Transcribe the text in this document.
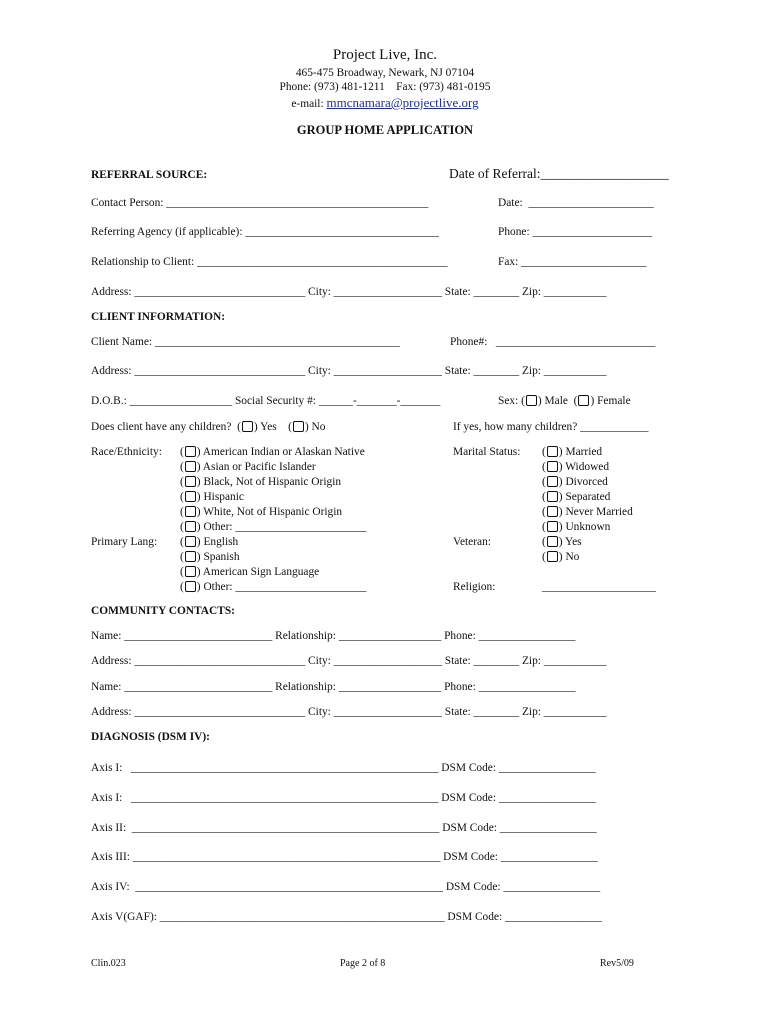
Project Live, Inc.
465-475 Broadway, Newark, NJ 07104
Phone: (973) 481-1211    Fax: (973) 481-0195
e-mail: mmcnamara@projectlive.org
GROUP HOME APPLICATION
REFERRAL SOURCE:	Date of Referral:___________________
Contact Person: ______________________________________________	Date:  ______________________
Referring Agency (if applicable): __________________________________	Phone: _____________________
Relationship to Client: ____________________________________________	Fax: ______________________
Address: ______________________________ City: ___________________ State: ________ Zip: ___________
CLIENT INFORMATION:
Client Name: ___________________________________________	Phone#:   ____________________________
Address: ______________________________ City: ___________________ State: ________ Zip: ___________
D.O.B.: __________________ Social Security #: ______-_______-_______	Sex: ( ) Male  ( ) Female
Does client have any children?  ( ) Yes    ( ) No	If yes, how many children? ____________
Race/Ethnicity: ( ) American Indian or Alaskan Native
( ) Asian or Pacific Islander
( ) Black, Not of Hispanic Origin
( ) Hispanic
( ) White, Not of Hispanic Origin
( ) Other: _______________________
Marital Status: ( ) Married
( ) Widowed
( ) Divorced
( ) Separated
( ) Never Married
( ) Unknown
Primary Lang: ( ) English
( ) Spanish
( ) American Sign Language
( ) Other: _______________________
Veteran:	( ) Yes
( ) No
Religion:	____________________
COMMUNITY CONTACTS:
Name: __________________________ Relationship: __________________ Phone: _________________
Address: ______________________________ City: ___________________ State: ________ Zip: ___________
Name: __________________________ Relationship: __________________ Phone: _________________
Address: ______________________________ City: ___________________ State: ________ Zip: ___________
DIAGNOSIS (DSM IV):
Axis I:   ______________________________________________________ DSM Code: _________________
Axis I:   ______________________________________________________ DSM Code: _________________
Axis II:  ______________________________________________________ DSM Code: _________________
Axis III: ______________________________________________________ DSM Code: _________________
Axis IV:  ______________________________________________________ DSM Code: _________________
Axis V(GAF): __________________________________________________ DSM Code: _________________
Clin.023	Page 2 of 8	Rev5/09
